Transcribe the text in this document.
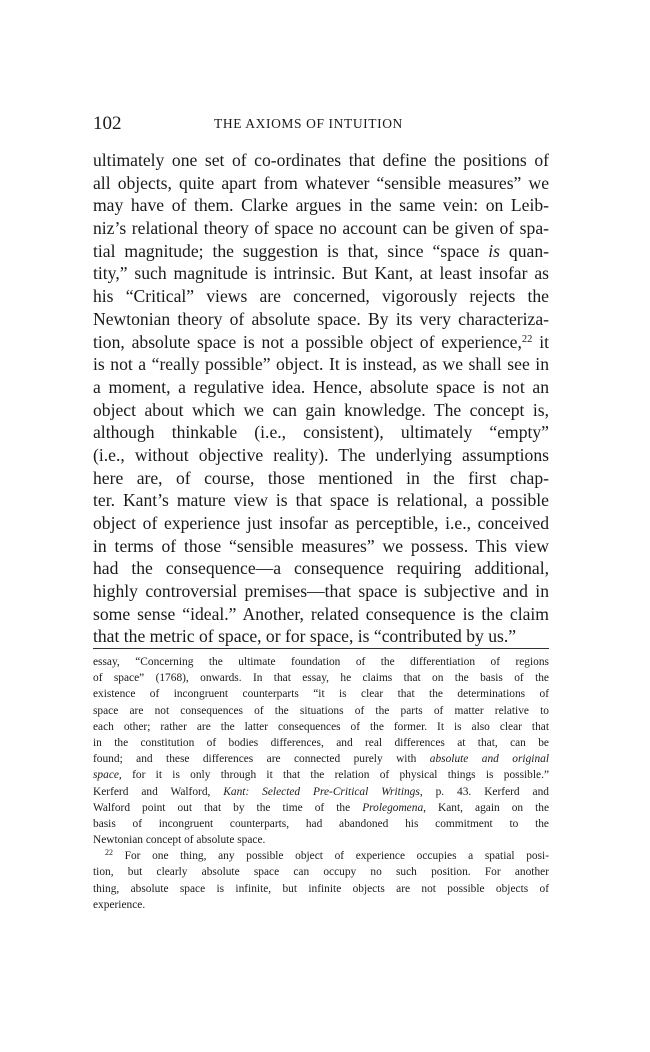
102	THE AXIOMS OF INTUITION
ultimately one set of co-ordinates that define the positions of
all objects, quite apart from whatever “sensible measures” we
may have of them. Clarke argues in the same vein: on Leib-
niz’s relational theory of space no account can be given of spa-
tial magnitude; the suggestion is that, since “space is quan-
tity,” such magnitude is intrinsic. But Kant, at least insofar as
his “Critical” views are concerned, vigorously rejects the
Newtonian theory of absolute space. By its very characteriza-
tion, absolute space is not a possible object of experience,$^{22}$ it
is not a “really possible” object. It is instead, as we shall see in
a moment, a regulative idea. Hence, absolute space is not an
object about which we can gain knowledge. The concept is,
although thinkable (i.e., consistent), ultimately “empty”
(i.e., without objective reality). The underlying assumptions
here are, of course, those mentioned in the first chap-
ter. Kant’s mature view is that space is relational, a possible
object of experience just insofar as perceptible, i.e., conceived
in terms of those “sensible measures” we possess. This view
had the consequence—a consequence requiring additional,
highly controversial premises—that space is subjective and in
some sense “ideal.” Another, related consequence is the claim
that the metric of space, or for space, is “contributed by us.”
essay, “Concerning the ultimate foundation of the differentiation of regions
of space” (1768), onwards. In that essay, he claims that on the basis of the
existence of incongruent counterparts “it is clear that the determinations of
space are not consequences of the situations of the parts of matter relative to
each other; rather are the latter consequences of the former. It is also clear that
in the constitution of bodies differences, and real differences at that, can be
found; and these differences are connected purely with absolute and original
space, for it is only through it that the relation of physical things is possible.”
Kerferd and Walford, Kant: Selected Pre-Critical Writings, p. 43. Kerferd and
Walford point out that by the time of the Prolegomena, Kant, again on the
basis of incongruent counterparts, had abandoned his commitment to the
Newtonian concept of absolute space.
$^{22}$ For one thing, any possible object of experience occupies a spatial posi-
tion, but clearly absolute space can occupy no such position. For another
thing, absolute space is infinite, but infinite objects are not possible objects of
experience.
